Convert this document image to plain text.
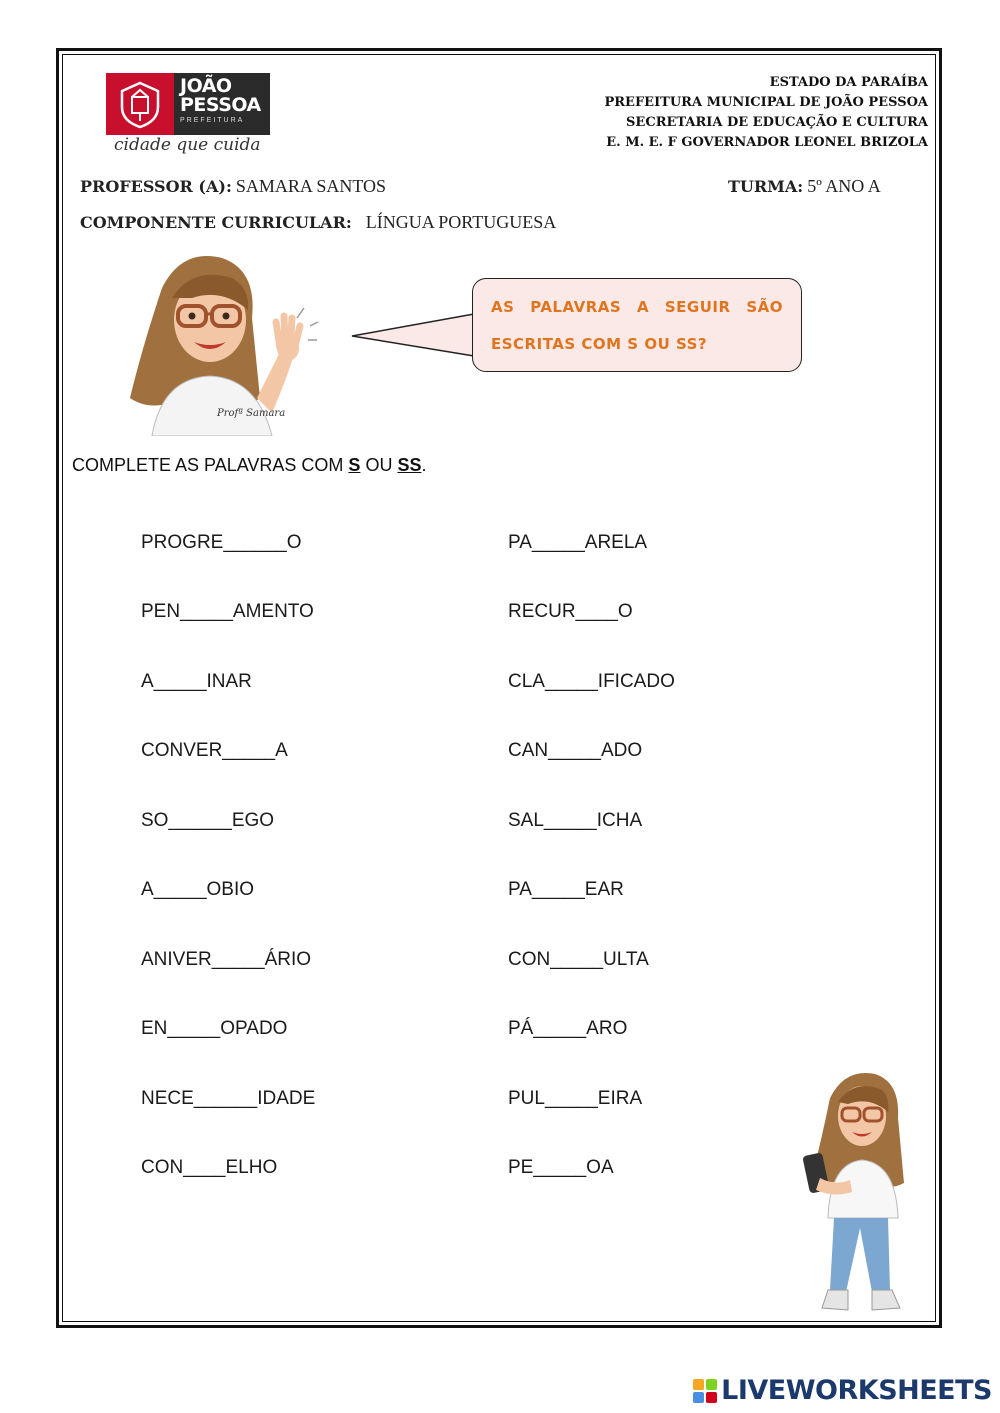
JOÃO
PESSOA
PREFEITURA
cidade que cuida
ESTADO DA PARAÍBA
PREFEITURA MUNICIPAL DE JOÃO PESSOA
SECRETARIA DE EDUCAÇÃO E CULTURA
E. M. E. F GOVERNADOR LEONEL BRIZOLA
PROFESSOR (A): SAMARA SANTOS	TURMA: 5º ANO A
COMPONENTE CURRICULAR: LÍNGUA PORTUGUESA
Profª Samara
AS PALAVRAS A SEGUIR SÃO ESCRITAS COM S OU SS?
COMPLETE AS PALAVRAS COM S OU SS.
PROGRE______O
PEN_____AMENTO
A_____INAR
CONVER_____A
SO______EGO
A_____OBIO
ANIVER_____ÁRIO
EN_____OPADO
NECE______IDADE
CON____ELHO
PA_____ARELA
RECUR____O
CLA_____IFICADO
CAN_____ADO
SAL_____ICHA
PA_____EAR
CON_____ULTA
PÁ_____ARO
PUL_____EIRA
PE_____OA
LIVEWORKSHEETS
